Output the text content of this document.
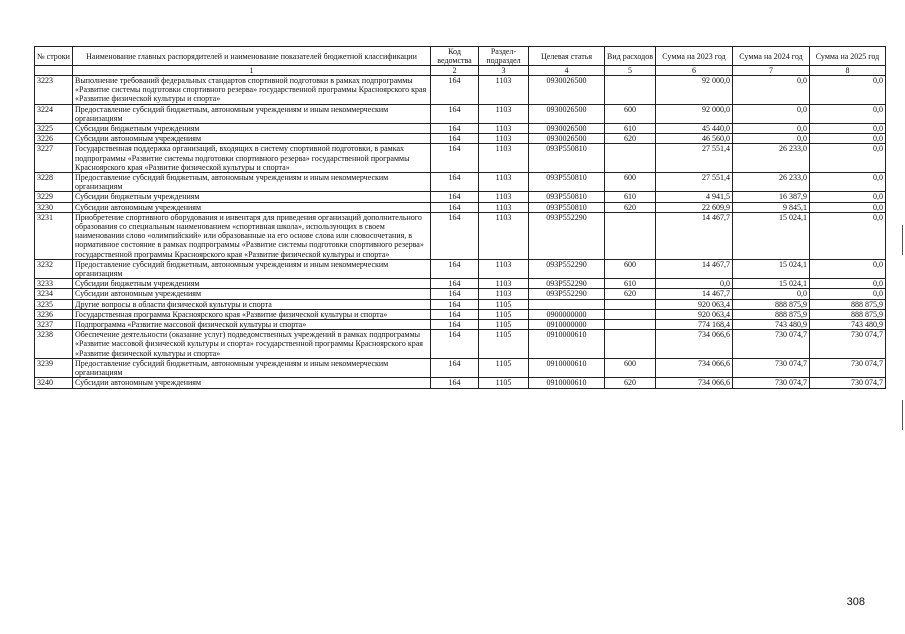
№ строки	Наименование главных распорядителей и наименование показателей бюджетной классификации	Код ведомства	Раздел-подраздел	Целевая статья	Вид расходов	Сумма на 2023 год	Сумма на 2024 год	Сумма на 2025 год
	1	2	3	4	5	6	7	8
3223	Выполнение требований федеральных стандартов спортивной подготовки в рамках подпрограммы «Развитие системы подготовки спортивного резерва» государственной программы Красноярского края «Развитие физической культуры и спорта»	164	1103	0930026500		92 000,0	0,0	0,0
3224	Предоставление субсидий бюджетным, автономным учреждениям и иным некоммерческим организациям	164	1103	0930026500	600	92 000,0	0,0	0,0
3225	Субсидии бюджетным учреждениям	164	1103	0930026500	610	45 440,0	0,0	0,0
3226	Субсидии автономным учреждениям	164	1103	0930026500	620	46 560,0	0,0	0,0
3227	Государственная поддержка организаций, входящих в систему спортивной подготовки, в рамках подпрограммы «Развитие системы подготовки спортивного резерва» государственной программы Красноярского края «Развитие физической культуры и спорта»	164	1103	093P550810		27 551,4	26 233,0	0,0
3228	Предоставление субсидий бюджетным, автономным учреждениям и иным некоммерческим организациям	164	1103	093P550810	600	27 551,4	26 233,0	0,0
3229	Субсидии бюджетным учреждениям	164	1103	093P550810	610	4 941,5	16 387,9	0,0
3230	Субсидии автономным учреждениям	164	1103	093P550810	620	22 609,9	9 845,1	0,0
3231	Приобретение спортивного оборудования и инвентаря для приведения организаций дополнительного образования со специальным наименованием «спортивная школа», использующих в своем наименовании слово «олимпийский» или образованные на его основе слова или словосочетания, в нормативное состояние в рамках подпрограммы «Развитие системы подготовки спортивного резерва» государственной программы Красноярского края «Развитие физической культуры и спорта»	164	1103	093P552290		14 467,7	15 024,1	0,0
3232	Предоставление субсидий бюджетным, автономным учреждениям и иным некоммерческим организациям	164	1103	093P552290	600	14 467,7	15 024,1	0,0
3233	Субсидии бюджетным учреждениям	164	1103	093P552290	610	0,0	15 024,1	0,0
3234	Субсидии автономным учреждениям	164	1103	093P552290	620	14 467,7	0,0	0,0
3235	Другие вопросы в области физической культуры и спорта	164	1105			920 063,4	888 875,9	888 875,9
3236	Государственная программа Красноярского края «Развитие физической культуры и спорта»	164	1105	0900000000		920 063,4	888 875,9	888 875,9
3237	Подпрограмма «Развитие массовой физической культуры и спорта»	164	1105	0910000000		774 168,4	743 480,9	743 480,9
3238	Обеспечение деятельности (оказание услуг) подведомственных учреждений в рамках подпрограммы «Развитие массовой физической культуры и спорта» государственной программы Красноярского края «Развитие физической культуры и спорта»	164	1105	0910000610		734 066,6	730 074,7	730 074,7
3239	Предоставление субсидий бюджетным, автономным учреждениям и иным некоммерческим организациям	164	1105	0910000610	600	734 066,6	730 074,7	730 074,7
3240	Субсидии автономным учреждениям	164	1105	0910000610	620	734 066,6	730 074,7	730 074,7
308
